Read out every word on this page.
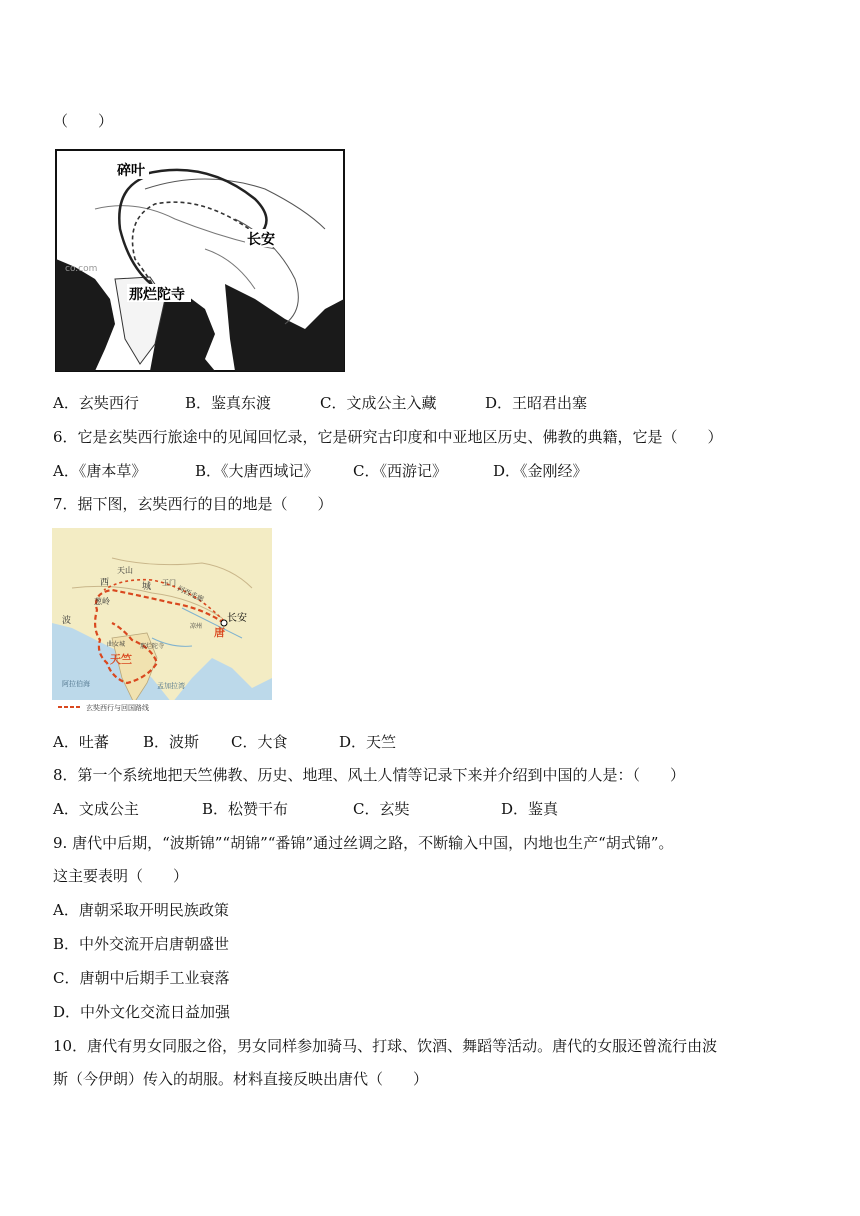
（　　）
碎叶
长安
那烂陀寺
co.com
A．玄奘西行	B．鉴真东渡	C．文成公主入藏	D．王昭君出塞
6．它是玄奘西行旅途中的见闻回忆录，它是研究古印度和中亚地区历史、佛教的典籍，它是（　　）
A．《唐本草》	B．《大唐西域记》 C．《西游记》	D．《金刚经》
7．据下图，玄奘西行的目的地是（　　）
天山
西	城
葱岭
玉门
河西走廊
长安
唐
凉州
波
曲女城 那烂陀寺
天竺
阿拉伯海	孟加拉湾
玄奘西行与回国路线
A．吐蕃 B．波斯 C．大食	D．天竺
8．第一个系统地把天竺佛教、历史、地理、风土人情等记录下来并介绍到中国的人是：（　　）
A．文成公主	B．松赞干布	C．玄奘	D．鉴真
9. 唐代中后期，“波斯锦”“胡锦”“番锦”通过丝调之路，不断输入中国，内地也生产“胡式锦”。
这主要表明（　　）
A．唐朝采取开明民族政策
B．中外交流开启唐朝盛世
C．唐朝中后期手工业衰落
D．中外文化交流日益加强
10．唐代有男女同服之俗，男女同样参加骑马、打球、饮酒、舞蹈等活动。唐代的女服还曾流行由波
斯（今伊朗）传入的胡服。材料直接反映出唐代（　　）
